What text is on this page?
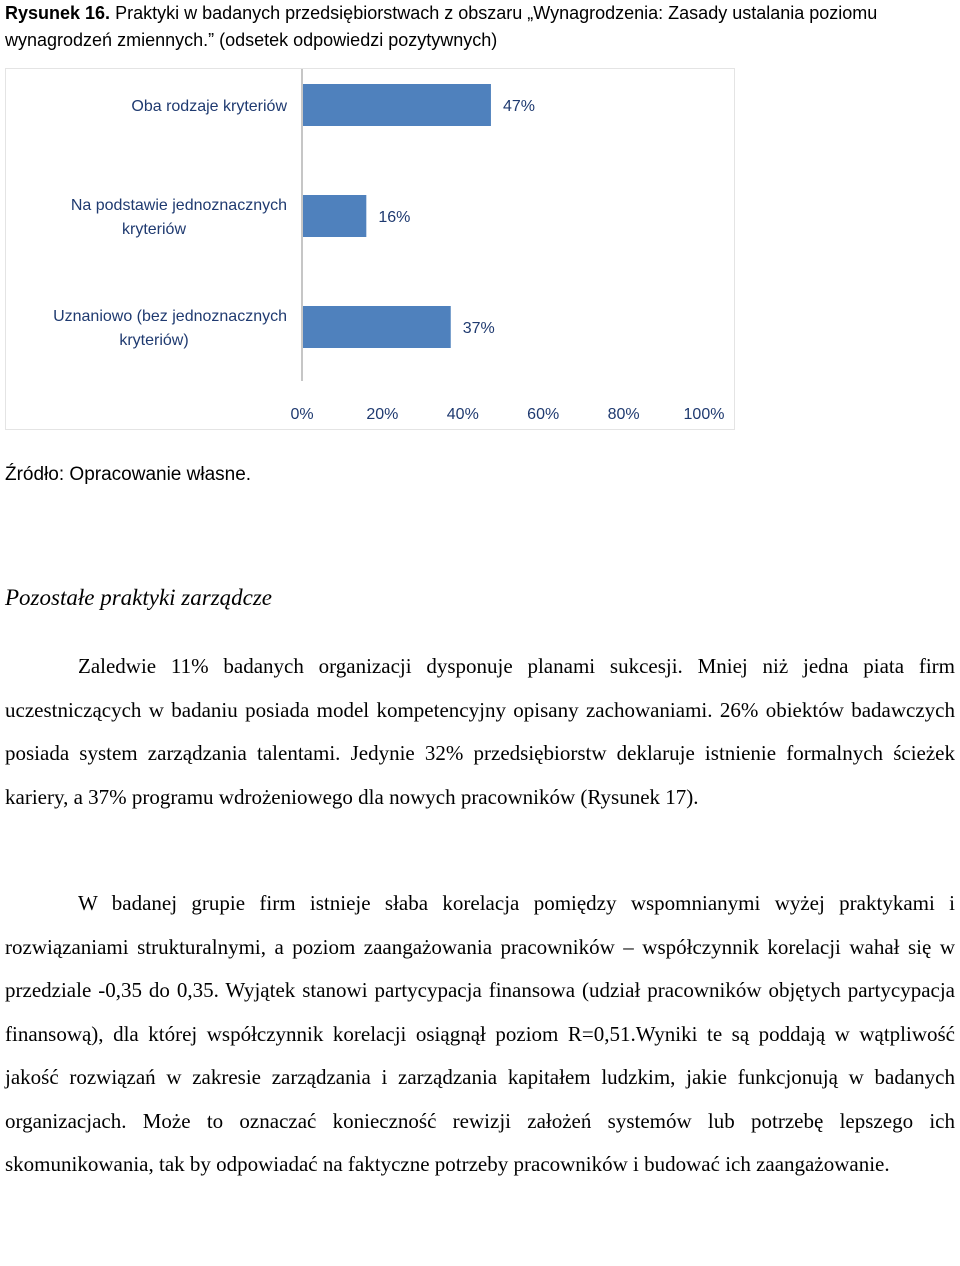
Rysunek 16. Praktyki w badanych przedsiębiorstwach z obszaru „Wynagrodzenia: Zasady ustalania poziomu wynagrodzeń zmiennych.” (odsetek odpowiedzi pozytywnych)
47%
Oba rodzaje kryteriów
16%
Na podstawie jednoznacznych
kryteriów
37%
Uznaniowo (bez jednoznacznych
kryteriów)
0%	20%	40%	60%	80%	100%
Źródło: Opracowanie własne.
Pozostałe praktyki zarządcze

Zaledwie 11% badanych organizacji dysponuje planami sukcesji. Mniej niż jedna piata firm uczestniczących w badaniu posiada model kompetencyjny opisany zachowaniami. 26% obiektów badawczych posiada system zarządzania talentami. Jedynie 32% przedsiębiorstw deklaruje istnienie formalnych ścieżek kariery, a 37% programu wdrożeniowego dla nowych pracowników (Rysunek 17).

W badanej grupie firm istnieje słaba korelacja pomiędzy wspomnianymi wyżej praktykami i rozwiązaniami strukturalnymi, a poziom zaangażowania pracowników – współczynnik korelacji wahał się w przedziale -0,35 do 0,35. Wyjątek stanowi partycypacja finansowa (udział pracowników objętych partycypacja finansową), dla której współczynnik korelacji osiągnął poziom R=0,51.Wyniki te są poddają w wątpliwość jakość rozwiązań w zakresie zarządzania i zarządzania kapitałem ludzkim, jakie funkcjonują w badanych organizacjach. Może to oznaczać konieczność rewizji założeń systemów lub potrzebę lepszego ich skomunikowania, tak by odpowiadać na faktyczne potrzeby pracowników i budować ich zaangażowanie.
